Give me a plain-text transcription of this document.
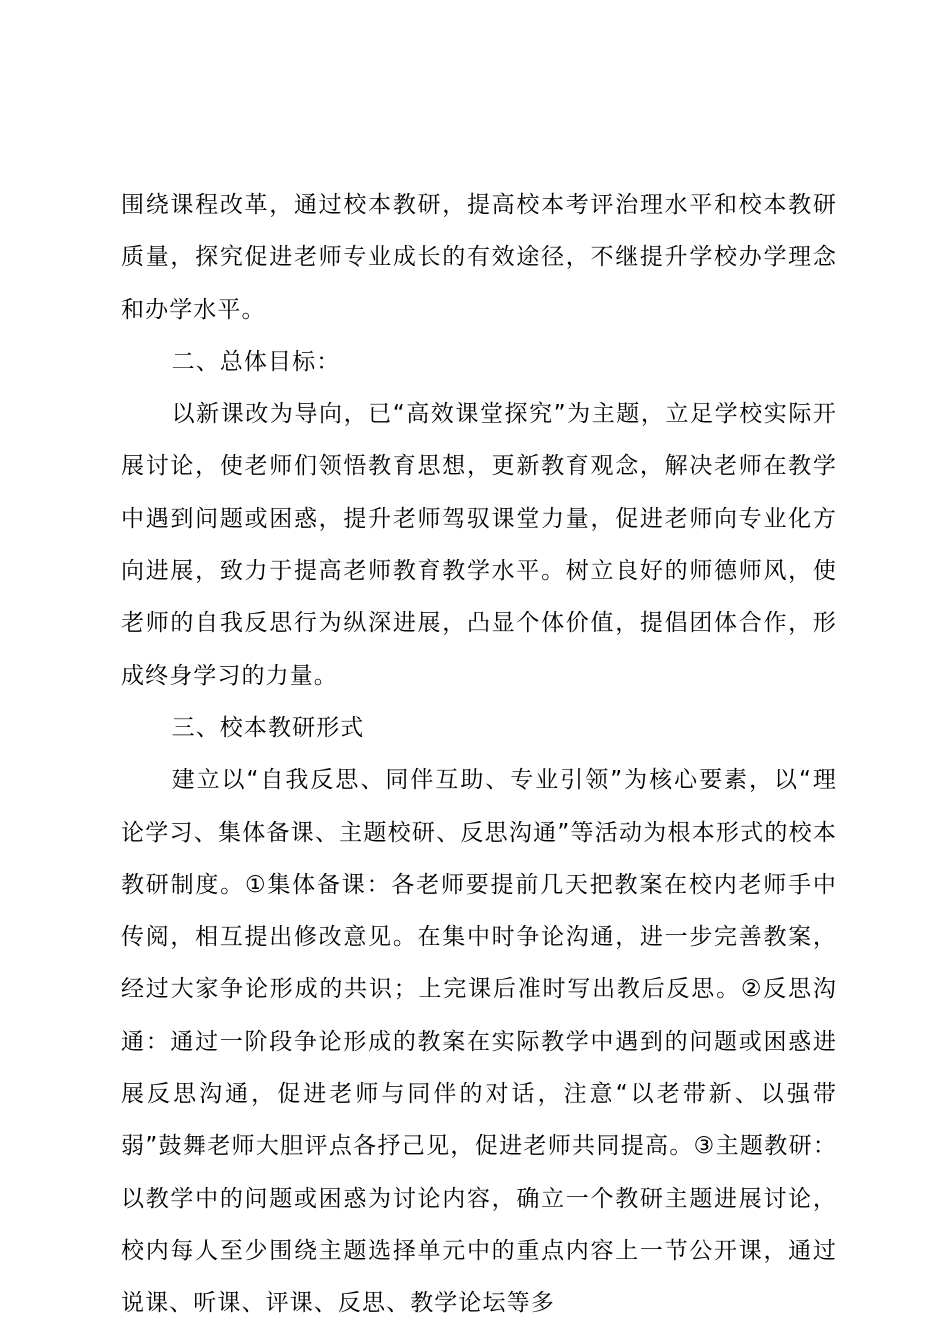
围绕课程改革，通过校本教研，提高校本考评治理水平和校本教研质量，探究促进老师专业成长的有效途径，不继提升学校办学理念和办学水平。

二、总体目标：

以新课改为导向，已“高效课堂探究”为主题，立足学校实际开展讨论，使老师们领悟教育思想，更新教育观念，解决老师在教学中遇到问题或困惑，提升老师驾驭课堂力量，促进老师向专业化方向进展，致力于提高老师教育教学水平。树立良好的师德师风，使老师的自我反思行为纵深进展，凸显个体价值，提倡团体合作，形成终身学习的力量。

三、校本教研形式

建立以“自我反思、同伴互助、专业引领”为核心要素，以“理论学习、集体备课、主题校研、反思沟通”等活动为根本形式的校本教研制度。①集体备课：各老师要提前几天把教案在校内老师手中传阅，相互提出修改意见。在集中时争论沟通，进一步完善教案，经过大家争论形成的共识；上完课后准时写出教后反思。②反思沟通：通过一阶段争论形成的教案在实际教学中遇到的问题或困惑进展反思沟通，促进老师与同伴的对话，注意“以老带新、以强带弱”鼓舞老师大胆评点各抒己见，促进老师共同提高。③主题教研：以教学中的问题或困惑为讨论内容，确立一个教研主题进展讨论，校内每人至少围绕主题选择单元中的重点内容上一节公开课，通过说课、听课、评课、反思、教学论坛等多
